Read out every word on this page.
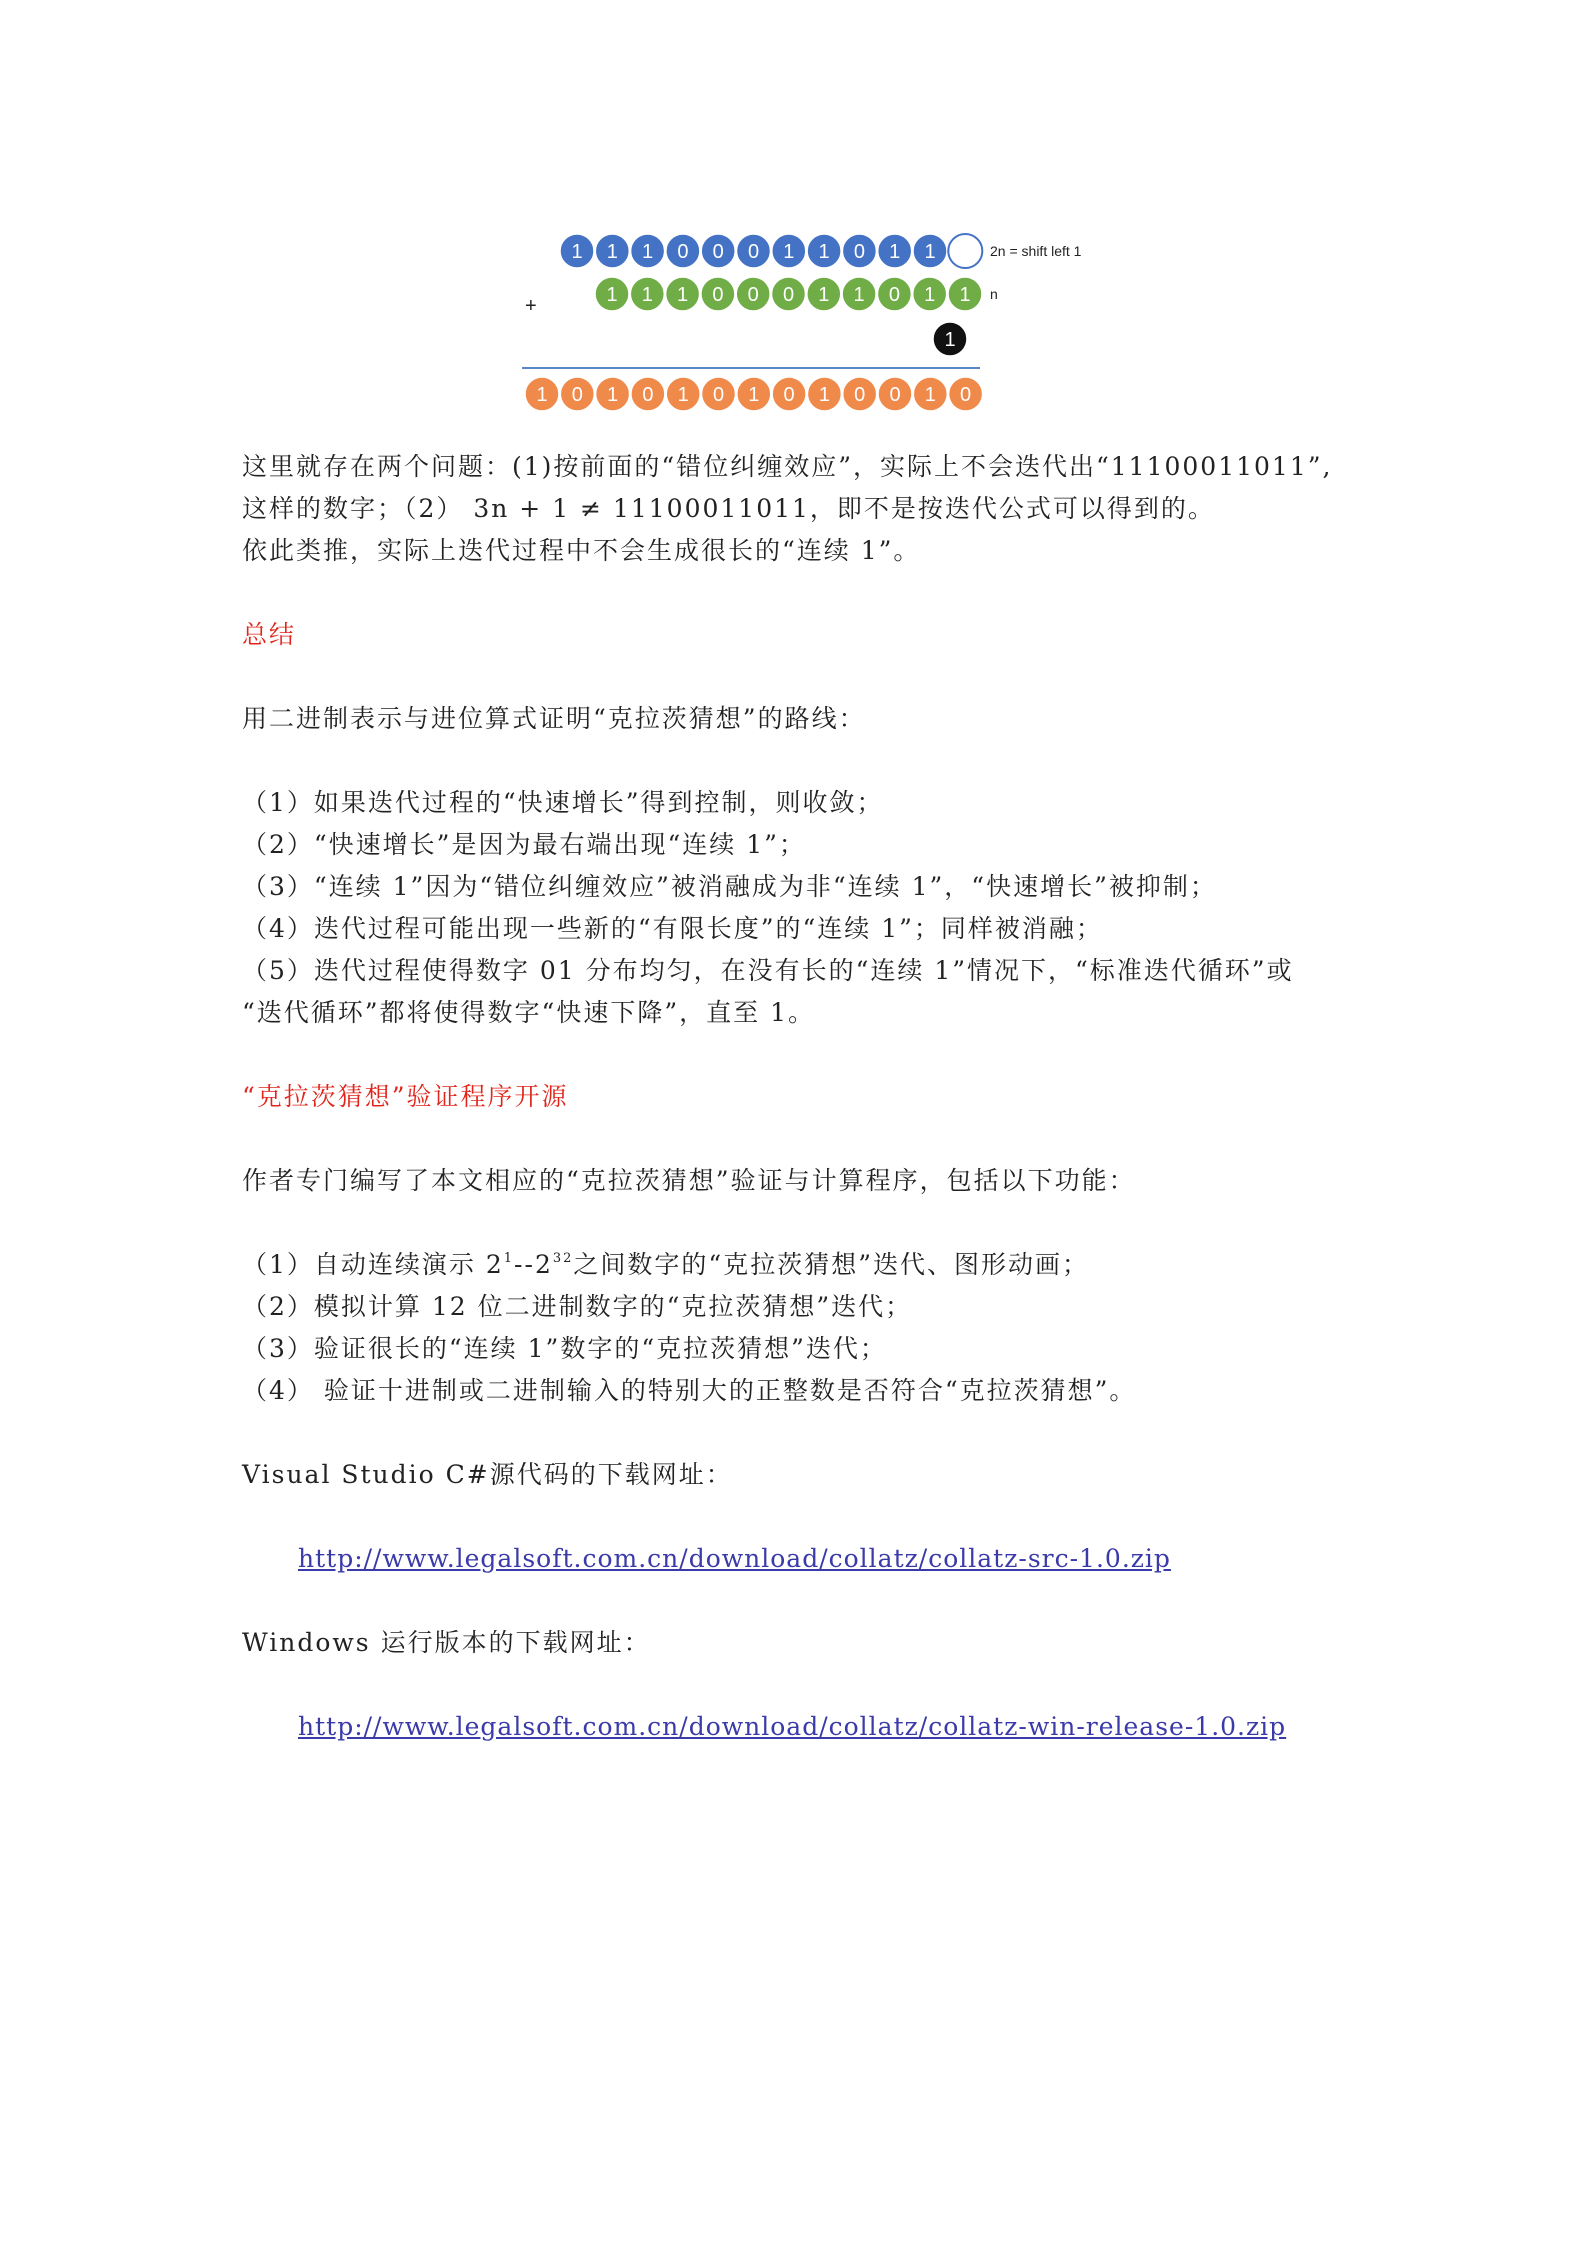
1 1 1 0 0 0 1 1 0 1 1	2n = shift left 1
+	1 1 1 0 0 0 1 1 0 1 1 n
1
1 0 1 0 1 0 1 0 1 0 0 1 0

这里就存在两个问题：(1)按前面的“错位纠缠效应”，实际上不会迭代出“11100011011”,

这样的数字；（2） 3n + 1 ≠ 11100011011，即不是按迭代公式可以得到的。

依此类推，实际上迭代过程中不会生成很长的“连续 1”。

总结

用二进制表示与进位算式证明“克拉茨猜想”的路线：

（1）如果迭代过程的“快速增长”得到控制，则收敛；

（2）“快速增长”是因为最右端出现“连续 1”；

（3）“连续 1”因为“错位纠缠效应”被消融成为非“连续 1”，“快速增长”被抑制；

（4）迭代过程可能出现一些新的“有限长度”的“连续 1”；同样被消融；

（5）迭代过程使得数字 01 分布均匀，在没有长的“连续 1”情况下，“标准迭代循环”或

“迭代循环”都将使得数字“快速下降”，直至 1。

“克拉茨猜想”验证程序开源

作者专门编写了本文相应的“克拉茨猜想”验证与计算程序，包括以下功能：

（1）自动连续演示 $2^1--2^{32}$之间数字的“克拉茨猜想”迭代、图形动画；

（2）模拟计算 12 位二进制数字的“克拉茨猜想”迭代；

（3）验证很长的“连续 1”数字的“克拉茨猜想”迭代；

（4） 验证十进制或二进制输入的特别大的正整数是否符合“克拉茨猜想”。

Visual Studio C#源代码的下载网址：

http://www.legalsoft.com.cn/download/collatz/collatz-src-1.0.zip

Windows 运行版本的下载网址：

http://www.legalsoft.com.cn/download/collatz/collatz-win-release-1.0.zip
